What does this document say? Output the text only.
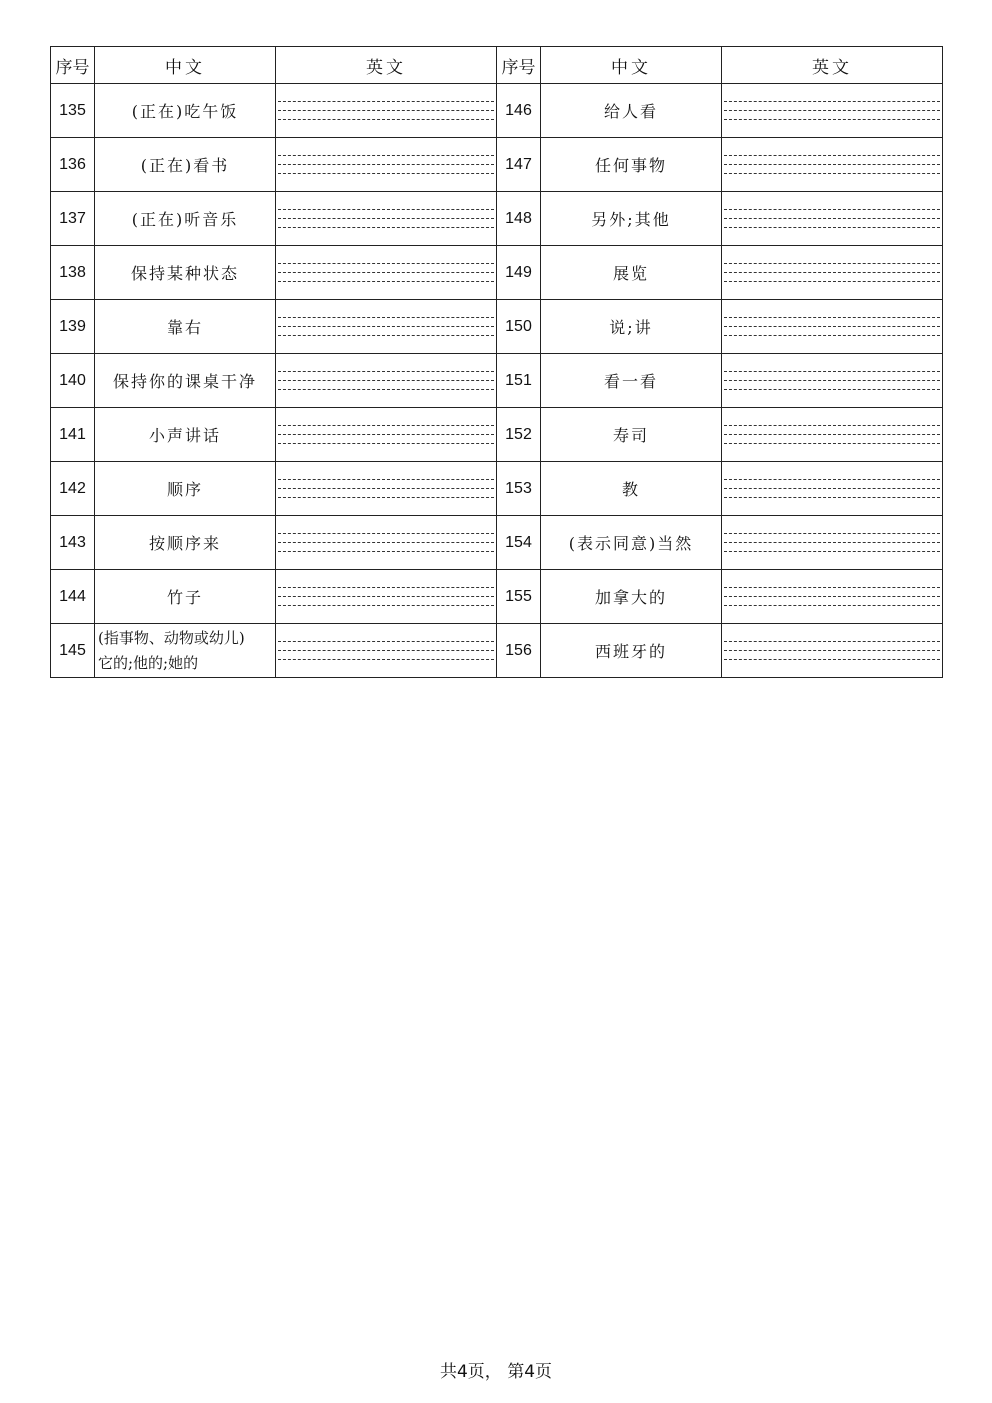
序号	中文	英文	序号	中文	英文
135	(正在)吃午饭		146	给人看	

136	(正在)看书		147	任何事物	

137	(正在)听音乐		148	另外;其他	

138	保持某种状态		149	展览	

139	靠右		150	说;讲	

140	保持你的课桌干净		151	看一看	

141	小声讲话		152	寿司	

142	顺序		153	教	

143	按顺序来		154	(表示同意)当然	

144	竹子		155	加拿大的	

145	(指事物、动物或幼儿)
它的;他的;她的		156	西班牙的	
共4页， 第4页
